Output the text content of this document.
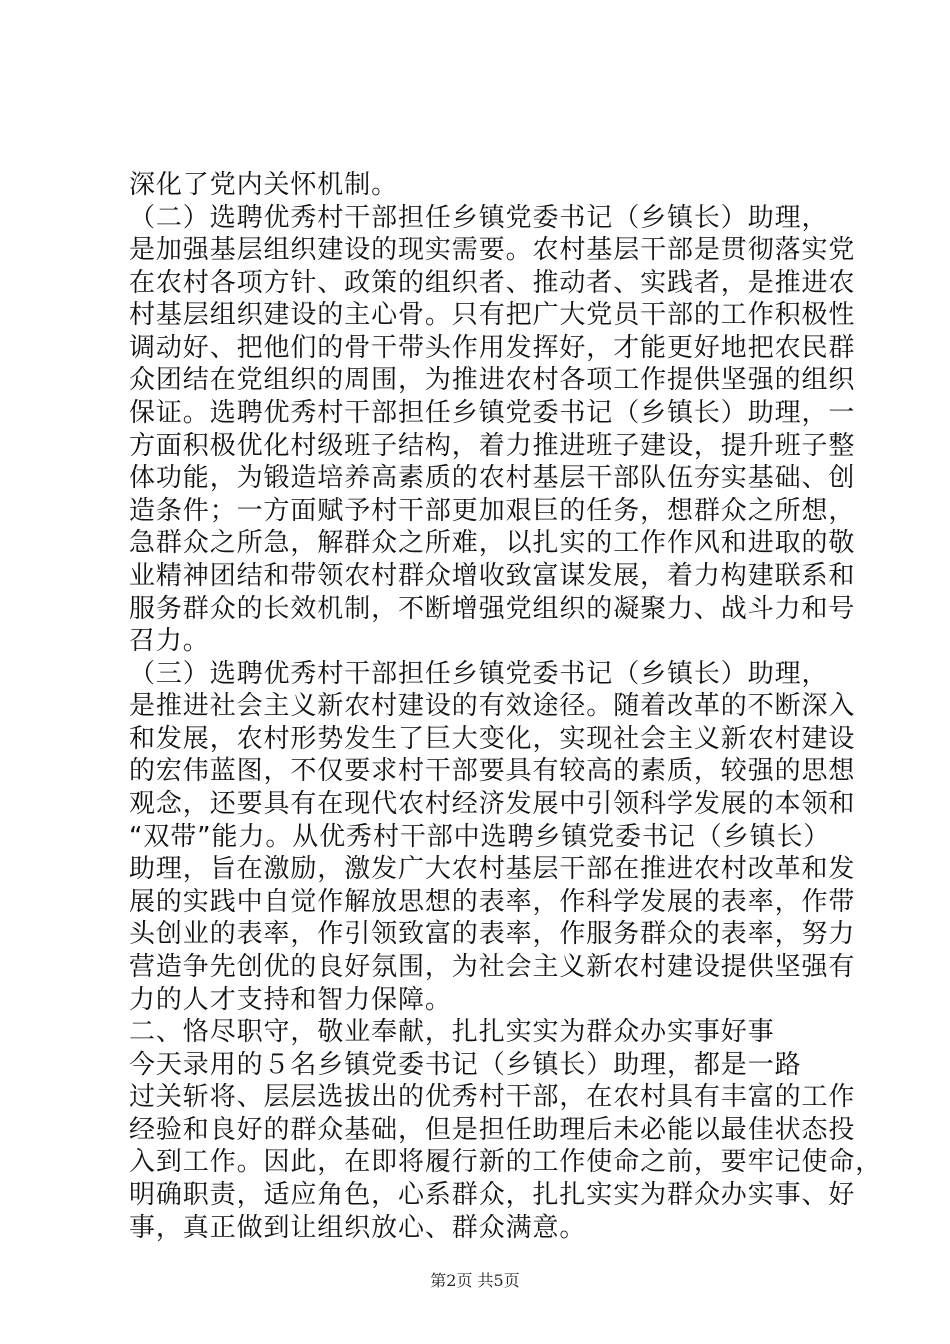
深化了党内关怀机制。
（二）选聘优秀村干部担任乡镇党委书记（乡镇长）助理，
是加强基层组织建设的现实需要。农村基层干部是贯彻落实党
在农村各项方针、政策的组织者、推动者、实践者，是推进农
村基层组织建设的主心骨。只有把广大党员干部的工作积极性
调动好、把他们的骨干带头作用发挥好，才能更好地把农民群
众团结在党组织的周围，为推进农村各项工作提供坚强的组织
保证。选聘优秀村干部担任乡镇党委书记（乡镇长）助理，一
方面积极优化村级班子结构，着力推进班子建设，提升班子整
体功能，为锻造培养高素质的农村基层干部队伍夯实基础、创
造条件；一方面赋予村干部更加艰巨的任务，想群众之所想，
急群众之所急，解群众之所难，以扎实的工作作风和进取的敬
业精神团结和带领农村群众增收致富谋发展，着力构建联系和
服务群众的长效机制，不断增强党组织的凝聚力、战斗力和号
召力。
（三）选聘优秀村干部担任乡镇党委书记（乡镇长）助理，
是推进社会主义新农村建设的有效途径。随着改革的不断深入
和发展，农村形势发生了巨大变化，实现社会主义新农村建设
的宏伟蓝图，不仅要求村干部要具有较高的素质，较强的思想
观念，还要具有在现代农村经济发展中引领科学发展的本领和
“双带”能力。从优秀村干部中选聘乡镇党委书记（乡镇长）
助理，旨在激励，激发广大农村基层干部在推进农村改革和发
展的实践中自觉作解放思想的表率，作科学发展的表率，作带
头创业的表率，作引领致富的表率，作服务群众的表率，努力
营造争先创优的良好氛围，为社会主义新农村建设提供坚强有
力的人才支持和智力保障。
二、恪尽职守，敬业奉献，扎扎实实为群众办实事好事
今天录用的５名乡镇党委书记（乡镇长）助理，都是一路
过关斩将、层层选拔出的优秀村干部，在农村具有丰富的工作
经验和良好的群众基础，但是担任助理后未必能以最佳状态投
入到工作。因此，在即将履行新的工作使命之前，要牢记使命，
明确职责，适应角色，心系群众，扎扎实实为群众办实事、好
事，真正做到让组织放心、群众满意。
第2页 共5页
